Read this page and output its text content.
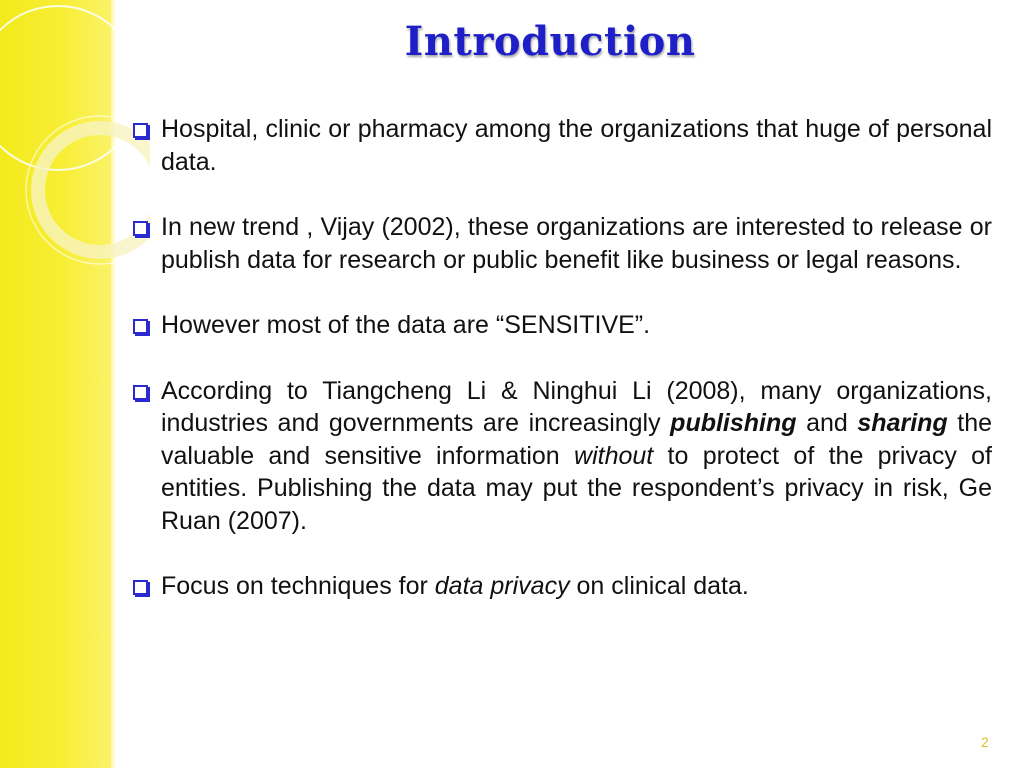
Introduction
Hospital, clinic or pharmacy among the organizations that huge of personal data.
In new trend , Vijay (2002), these organizations are interested to release or publish data for research or public benefit like business or legal reasons.
However most of the data are “SENSITIVE”.
According to Tiangcheng Li & Ninghui Li (2008), many organizations, industries and governments are increasingly publishing and sharing the valuable and sensitive information without to protect of the privacy of entities. Publishing the data may put the respondent’s privacy in risk, Ge Ruan (2007).
Focus on techniques for data privacy on clinical data.
2
